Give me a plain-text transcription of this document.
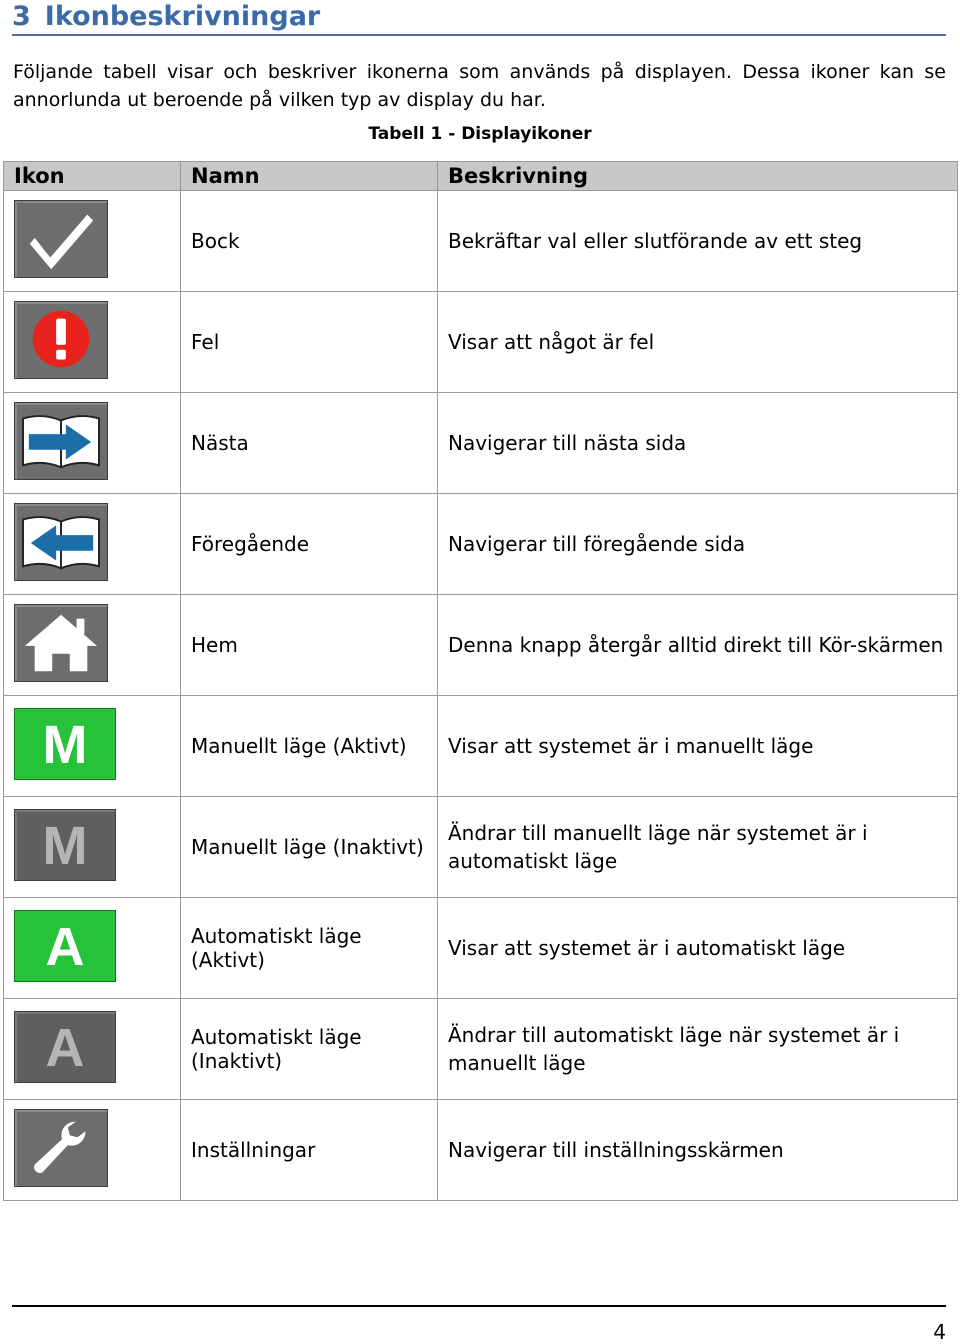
3 Ikonbeskrivningar
Följande tabell visar och beskriver ikonerna som används på displayen. Dessa ikoner kan se annorlunda ut beroende på vilken typ av display du har.
Tabell 1 - Displayikoner
Ikon	Namn	Beskrivning

	Bock	Bekräftar val eller slutförande av ett steg

	Fel	Visar att något är fel

	Nästa	Navigerar till nästa sida

	Föregående	Navigerar till föregående sida

	Hem	Denna knapp återgår alltid direkt till Kör-skärmen

M	Manuellt läge (Aktivt)	Visar att systemet är i manuellt läge

M	Manuellt läge (Inaktivt)	Ändrar till manuellt läge när systemet är i automatiskt läge

A	Automatiskt läge (Aktivt)	Visar att systemet är i automatiskt läge

A	Automatiskt läge (Inaktivt)	Ändrar till automatiskt läge när systemet är i manuellt läge

	Inställningar	Navigerar till inställningsskärmen
4
